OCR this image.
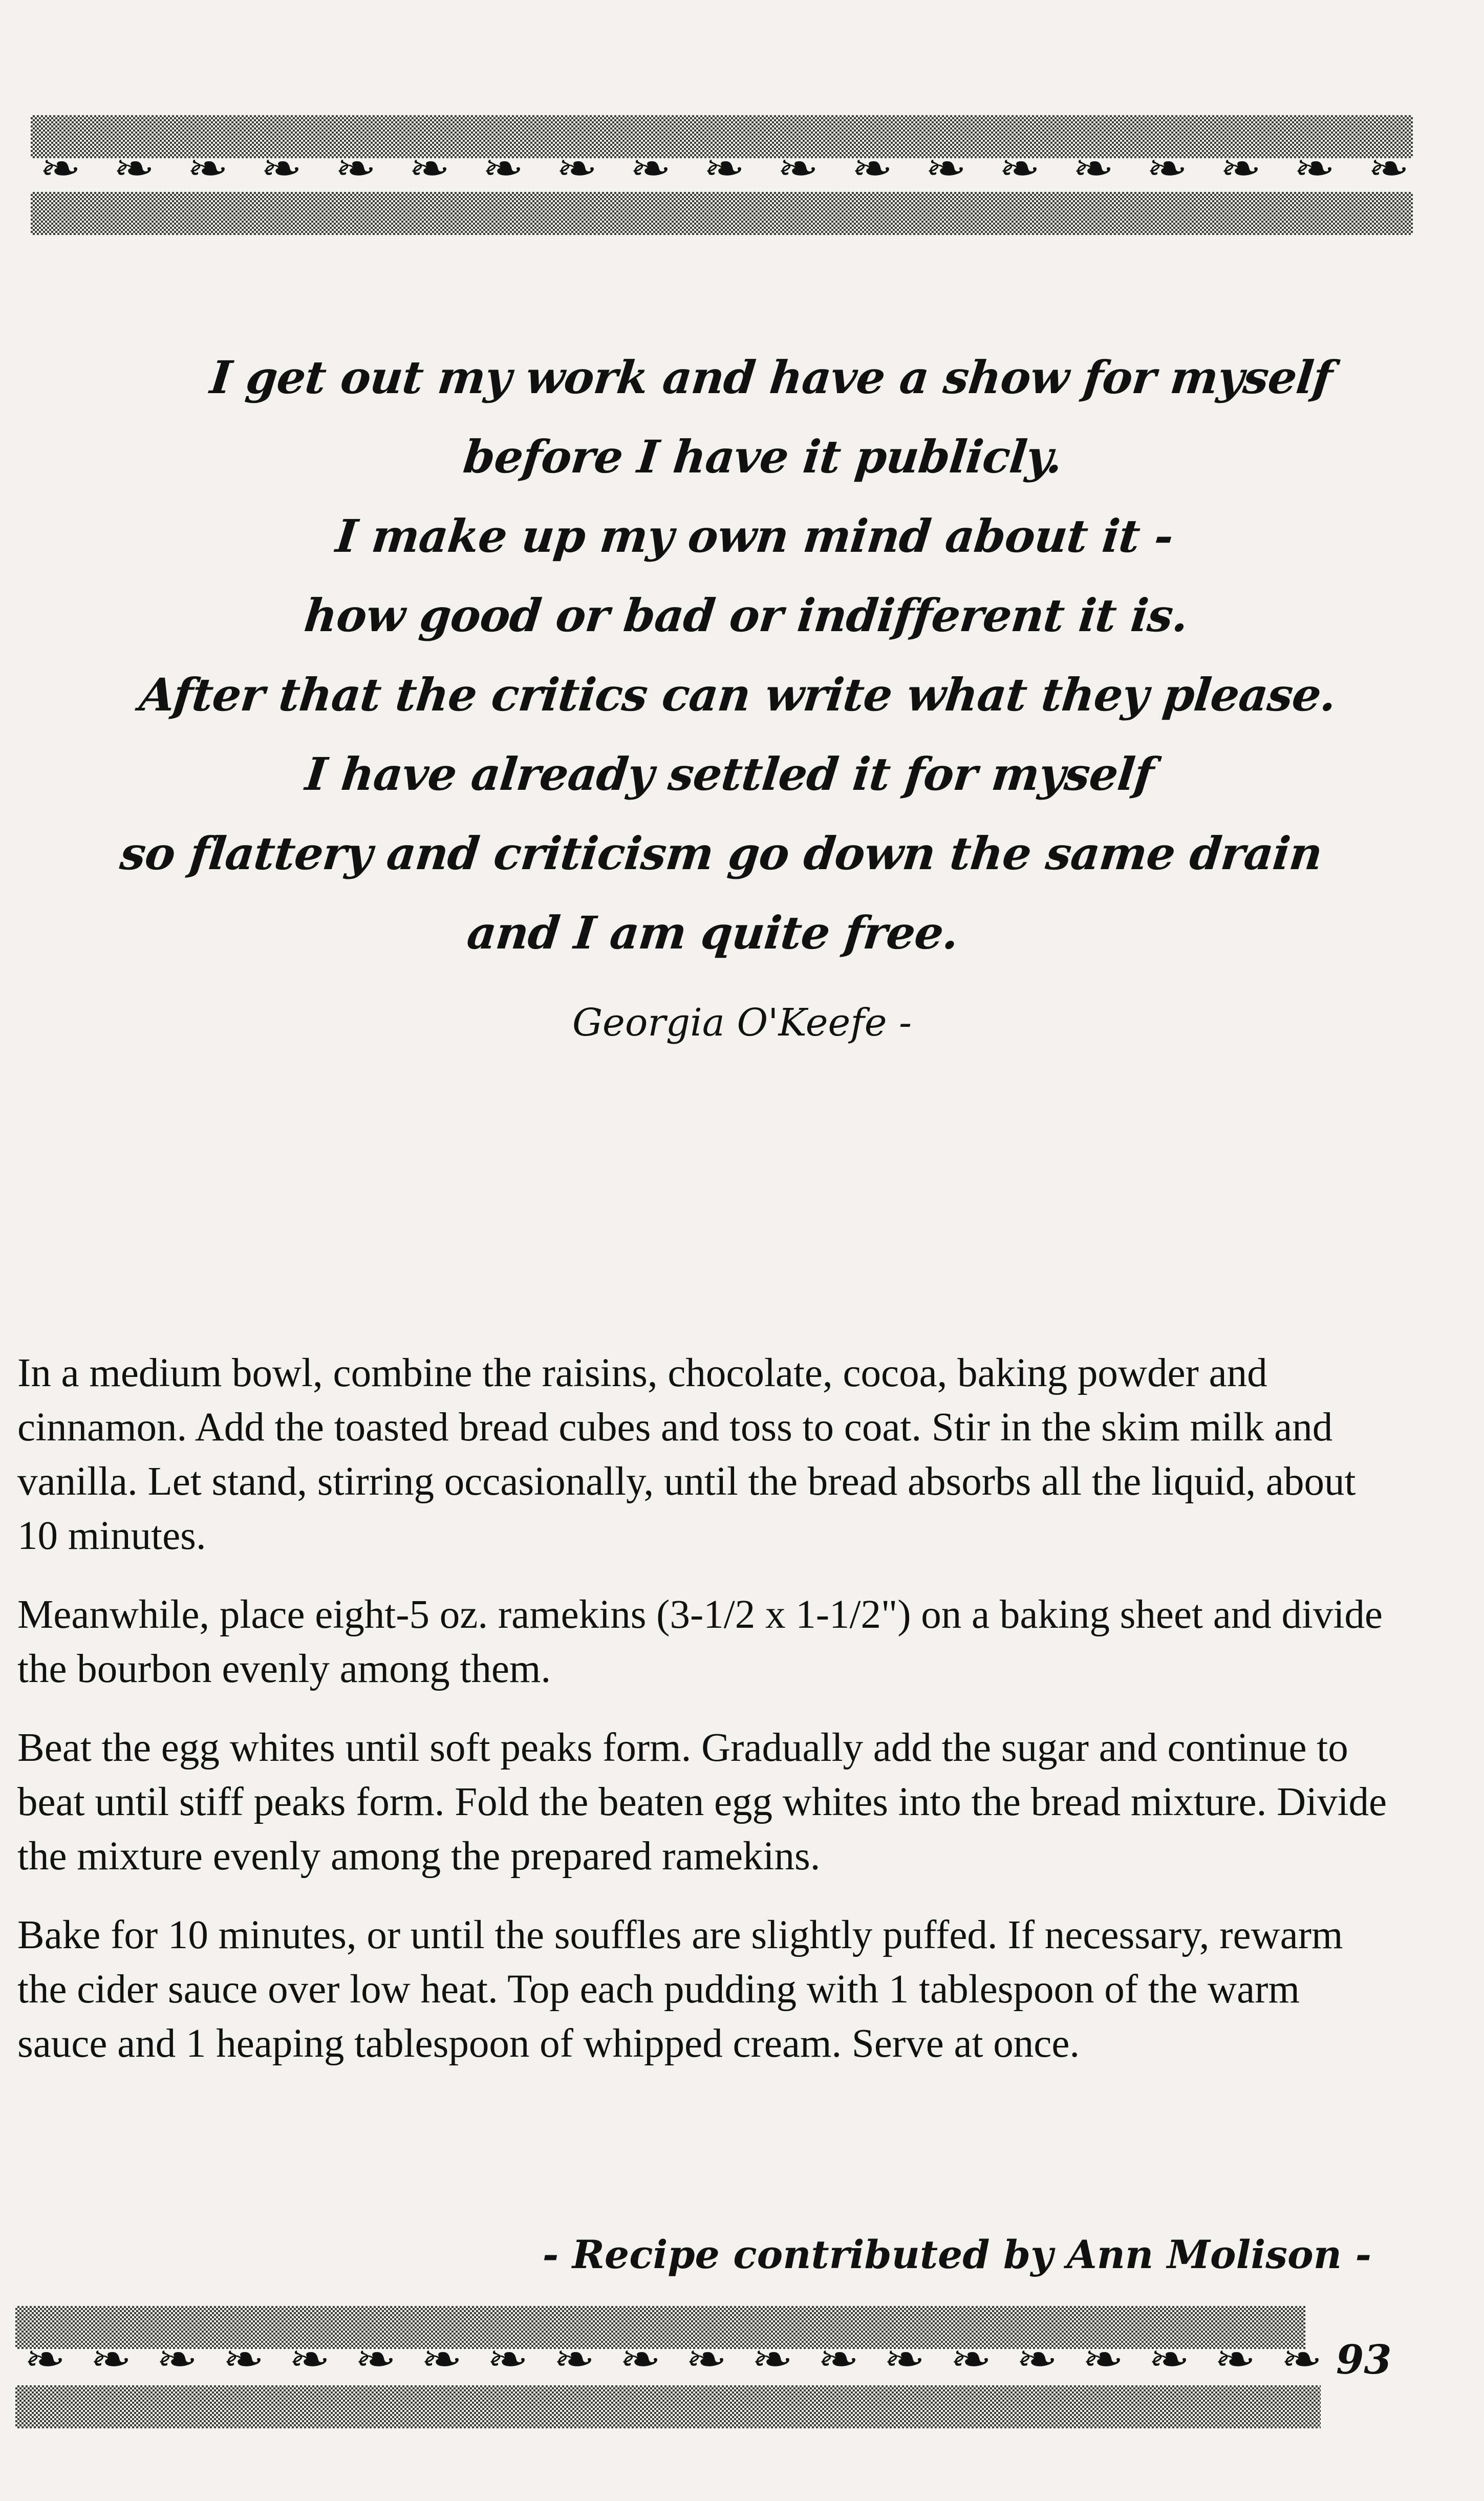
❧ ❧ ❧ ❧ ❧ ❧ ❧ ❧ ❧ ❧ ❧ ❧ ❧ ❧ ❧ ❧ ❧ ❧ ❧
I get out my work and have a show for myself
before I have it publicly.
I make up my own mind about it -
how good or bad or indifferent it is.
After that the critics can write what they please.
I have already settled it for myself
so flattery and criticism go down the same drain
and I am quite free.
Georgia O'Keefe -

In a medium bowl, combine the raisins, chocolate, cocoa, baking powder and cinnamon. Add the toasted bread cubes and toss to coat. Stir in the skim milk and vanilla. Let stand, stirring occasionally, until the bread absorbs all the liquid, about 10 minutes.

Meanwhile, place eight-5 oz. ramekins (3-1/2 x 1-1/2") on a baking sheet and divide the bourbon evenly among them.

Beat the egg whites until soft peaks form. Gradually add the sugar and continue to beat until stiff peaks form. Fold the beaten egg whites into the bread mixture. Divide the mixture evenly among the prepared ramekins.

Bake for 10 minutes, or until the souffles are slightly puffed. If necessary, rewarm the cider sauce over low heat. Top each pudding with 1 tablespoon of the warm sauce and 1 heaping tablespoon of whipped cream. Serve at once.

- Recipe contributed by Ann Molison -
❧ ❧ ❧ ❧ ❧ ❧ ❧ ❧ ❧ ❧ ❧ ❧ ❧ ❧ ❧ ❧ ❧ ❧ ❧ ❧ 93
